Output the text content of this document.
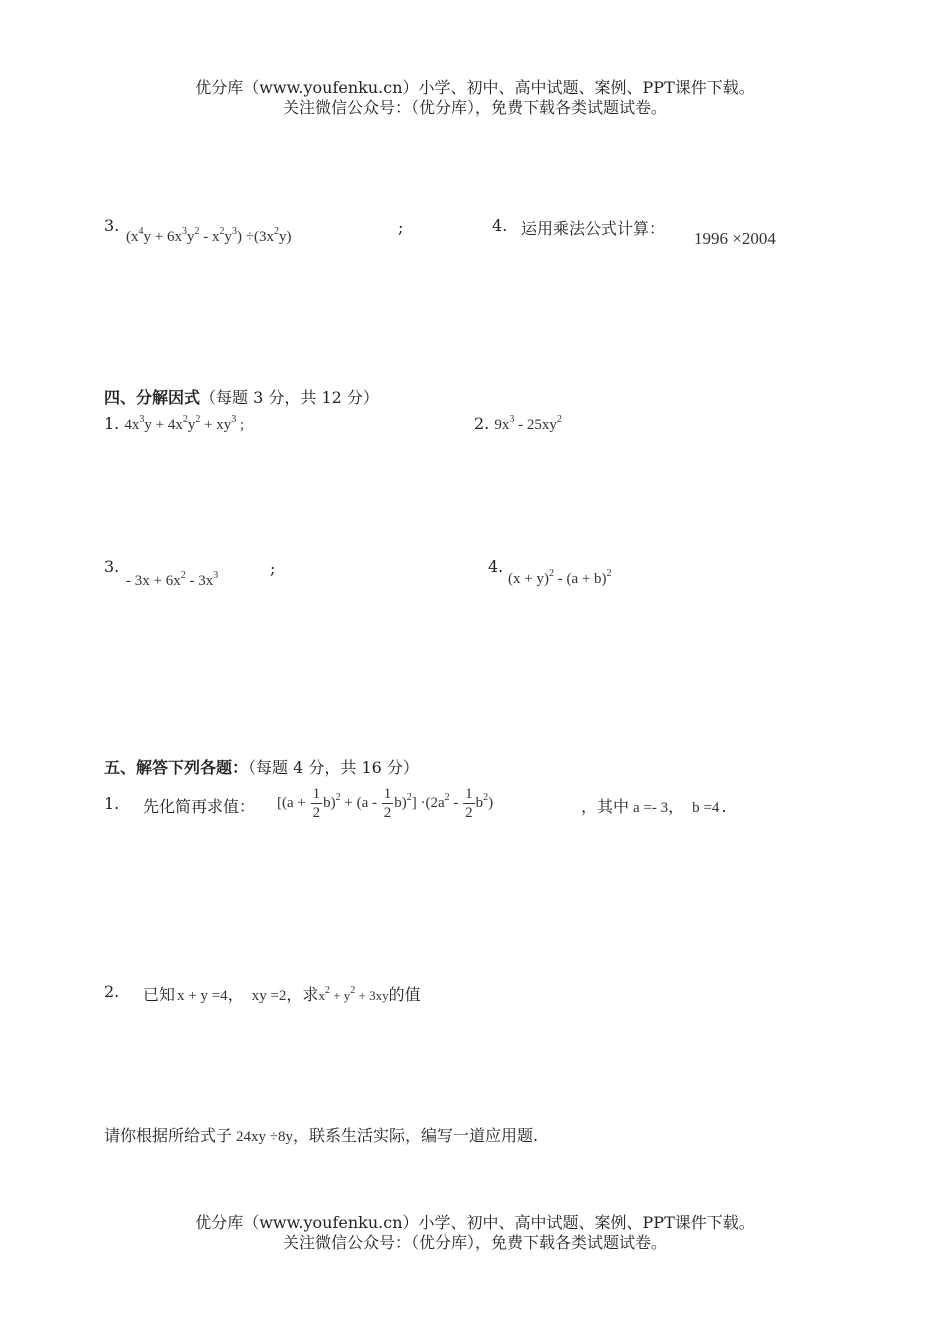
优分库（www.youfenku.cn）小学、初中、高中试题、案例、PPT课件下载。
关注微信公众号：（优分库），免费下载各类试题试卷。
3.
$(x^4y + 6x^3y^2 - x^2y^3) \div(3x^2y)$	;	4. 运用乘法公式计算：
1996 ×2004
四、分解因式（每题 3 分，共 12 分）
1. $4x^3y + 4x^2y^2 + xy^3$ ;	2. $9x^3 - 25xy^2$
3.
- $3x + 6x^2 - 3x^3$	;	4.
$(x + y)^2 - (a + b)^2$
五、解答下列各题：（每题 4 分，共 16 分）
1. 先化简再求值： $[(a + \frac{1}{2} b)^2 + (a - \frac{1}{2} b)^2] \cdot(2a^2 - \frac{1}{2} b^2)$	，其中 a =- 3， b =4 .
2. 已知 x + y =4， xy =2，求$x^2 + y^2 + 3xy$的值
请你根据所给式子 24xy ÷8y，联系生活实际，编写一道应用题.
优分库（www.youfenku.cn）小学、初中、高中试题、案例、PPT课件下载。
关注微信公众号：（优分库），免费下载各类试题试卷。
